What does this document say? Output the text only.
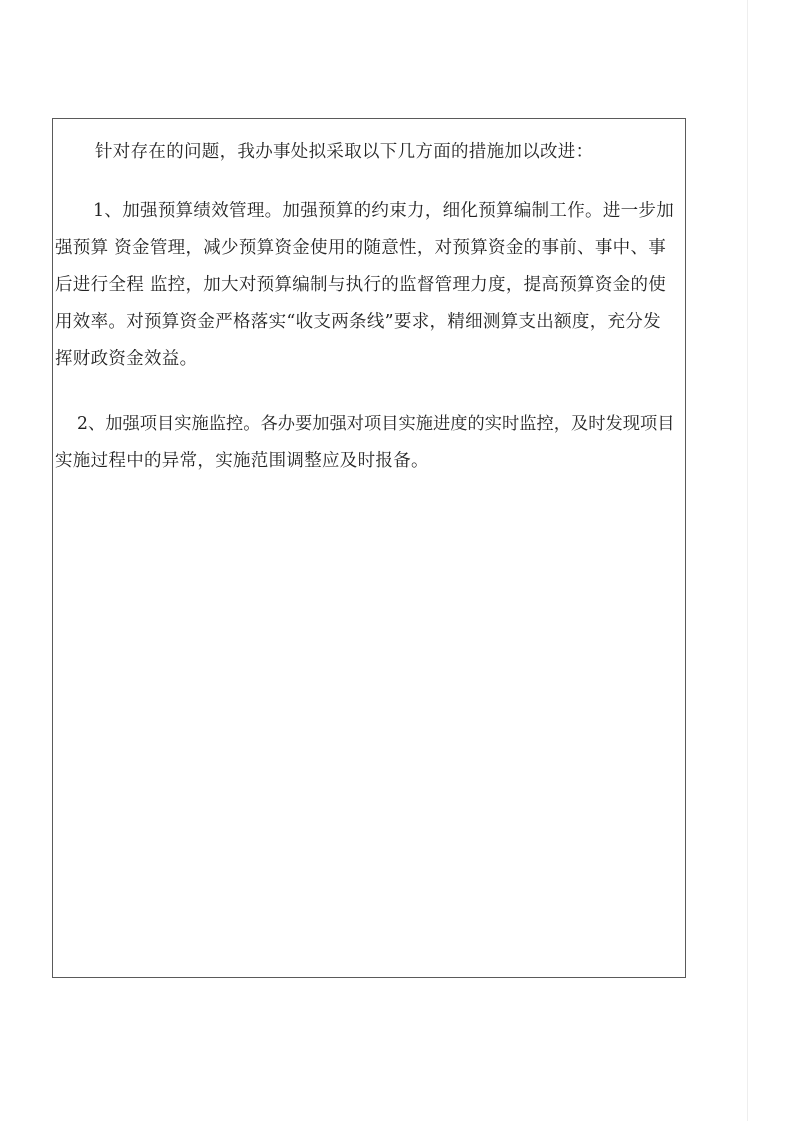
针对存在的问题，我办事处拟采取以下几方面的措施加以改进：

1、加强预算绩效管理。加强预算的约束力，细化预算编制工作。进一步加
强预算 资金管理，减少预算资金使用的随意性，对预算资金的事前、事中、事
后进行全程 监控，加大对预算编制与执行的监督管理力度，提高预算资金的使
用效率。对预算资金严格落实“收支两条线”要求，精细测算支出额度，充分发
挥财政资金效益。
2、加强项目实施监控。各办要加强对项目实施进度的实时监控，及时发现项目
实施过程中的异常，实施范围调整应及时报备。
